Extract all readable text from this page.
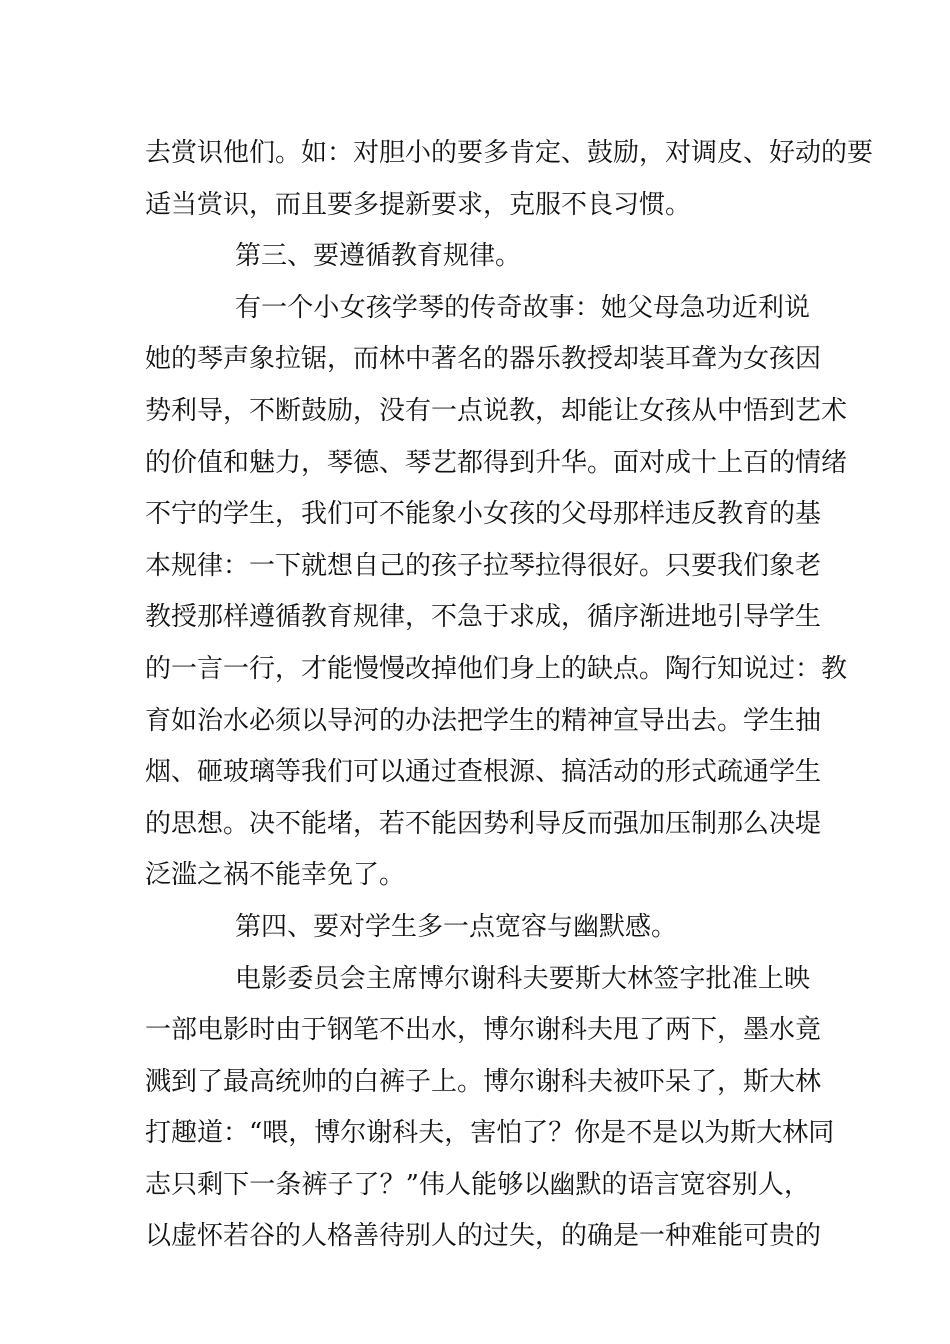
去赏识他们。如：对胆小的要多肯定、鼓励，对调皮、好动的要
适当赏识，而且要多提新要求，克服不良习惯。
第三、要遵循教育规律。
有一个小女孩学琴的传奇故事：她父母急功近利说
她的琴声象拉锯，而林中著名的器乐教授却装耳聋为女孩因
势利导，不断鼓励，没有一点说教，却能让女孩从中悟到艺术
的价值和魅力，琴德、琴艺都得到升华。面对成十上百的情绪
不宁的学生，我们可不能象小女孩的父母那样违反教育的基
本规律：一下就想自己的孩子拉琴拉得很好。只要我们象老
教授那样遵循教育规律，不急于求成，循序渐进地引导学生
的一言一行，才能慢慢改掉他们身上的缺点。陶行知说过：教
育如治水必须以导河的办法把学生的精神宣导出去。学生抽
烟、砸玻璃等我们可以通过查根源、搞活动的形式疏通学生
的思想。决不能堵，若不能因势利导反而强加压制那么决堤
泛滥之祸不能幸免了。
第四、要对学生多一点宽容与幽默感。
电影委员会主席博尔谢科夫要斯大林签字批准上映
一部电影时由于钢笔不出水，博尔谢科夫甩了两下，墨水竟
溅到了最高统帅的白裤子上。博尔谢科夫被吓呆了，斯大林
打趣道：“喂，博尔谢科夫，害怕了？你是不是以为斯大林同
志只剩下一条裤子了？”伟人能够以幽默的语言宽容别人，
以虚怀若谷的人格善待别人的过失，的确是一种难能可贵的
